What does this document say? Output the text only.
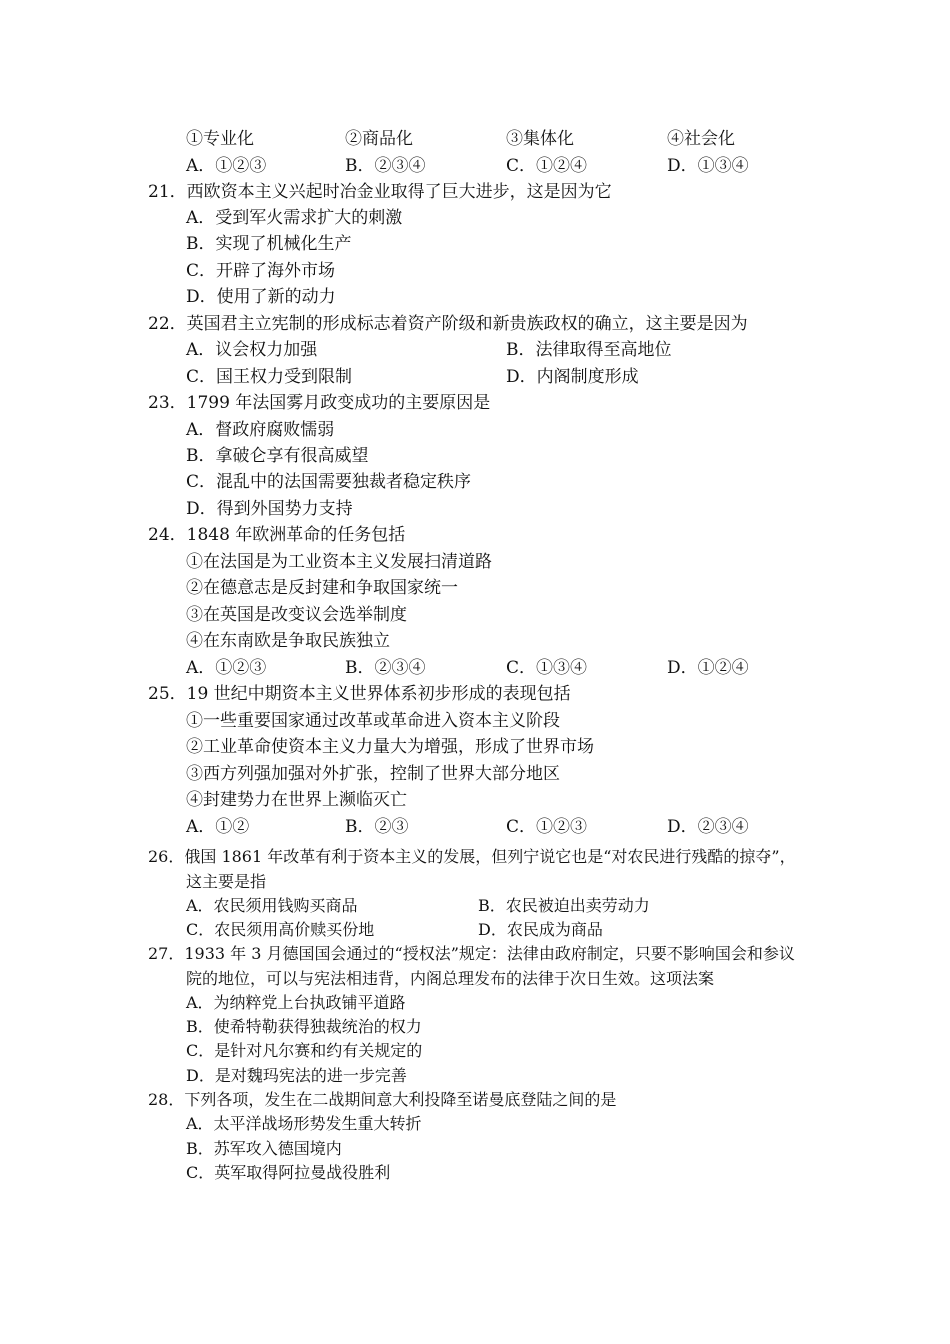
①专业化	②商品化	③集体化	④社会化
A．①②③	B．②③④	C．①②④	D．①③④
21．西欧资本主义兴起时冶金业取得了巨大进步，这是因为它
A．受到军火需求扩大的刺激
B．实现了机械化生产
C．开辟了海外市场
D．使用了新的动力
22．英国君主立宪制的形成标志着资产阶级和新贵族政权的确立，这主要是因为
A．议会权力加强	B．法律取得至高地位
C．国王权力受到限制	D．内阁制度形成
23．1799 年法国雾月政变成功的主要原因是
A．督政府腐败懦弱
B．拿破仑享有很高威望
C．混乱中的法国需要独裁者稳定秩序
D．得到外国势力支持
24．1848 年欧洲革命的任务包括
①在法国是为工业资本主义发展扫清道路
②在德意志是反封建和争取国家统一
③在英国是改变议会选举制度
④在东南欧是争取民族独立
A．①②③	B．②③④	C．①③④	D．①②④
25．19 世纪中期资本主义世界体系初步形成的表现包括
①一些重要国家通过改革或革命进入资本主义阶段
②工业革命使资本主义力量大为增强，形成了世界市场
③西方列强加强对外扩张，控制了世界大部分地区
④封建势力在世界上濒临灭亡
A．①②	B．②③	C．①②③	D．②③④
26．俄国 1861 年改革有利于资本主义的发展，但列宁说它也是“对农民进行残酷的掠夺”，
这主要是指
A．农民须用钱购买商品	B．农民被迫出卖劳动力
C．农民须用高价赎买份地	D．农民成为商品
27．1933 年 3 月德国国会通过的“授权法”规定：法律由政府制定，只要不影响国会和参议
院的地位，可以与宪法相违背，内阁总理发布的法律于次日生效。这项法案
A．为纳粹党上台执政铺平道路
B．使希特勒获得独裁统治的权力
C．是针对凡尔赛和约有关规定的
D．是对魏玛宪法的进一步完善
28．下列各项，发生在二战期间意大利投降至诺曼底登陆之间的是
A．太平洋战场形势发生重大转折
B．苏军攻入德国境内
C．英军取得阿拉曼战役胜利
